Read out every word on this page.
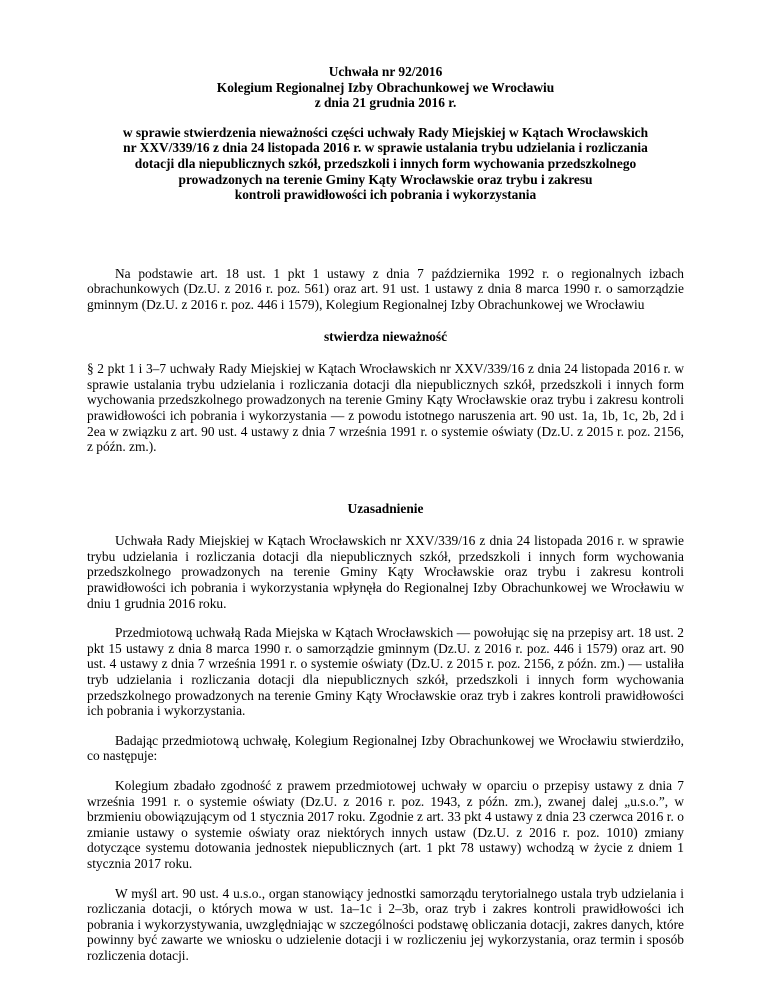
Uchwała nr 92/2016

Kolegium Regionalnej Izby Obrachunkowej we Wrocławiu

z dnia 21 grudnia 2016 r.

w sprawie stwierdzenia nieważności części uchwały Rady Miejskiej w Kątach Wrocławskich
nr XXV/339/16 z dnia 24 listopada 2016 r. w sprawie ustalania trybu udzielania i rozliczania
dotacji dla niepublicznych szkół, przedszkoli i innych form wychowania przedszkolnego
prowadzonych na terenie Gminy Kąty Wrocławskie oraz trybu i zakresu
kontroli prawidłowości ich pobrania i wykorzystania

Na podstawie art. 18 ust. 1 pkt 1 ustawy z dnia 7 października 1992 r. o regionalnych izbach obrachunkowych (Dz.U. z 2016 r. poz. 561) oraz art. 91 ust. 1 ustawy z dnia 8 marca 1990 r. o samorządzie gminnym (Dz.U. z 2016 r. poz. 446 i 1579), Kolegium Regionalnej Izby Obrachunkowej we Wrocławiu

stwierdza nieważność

§ 2 pkt 1 i 3–7 uchwały Rady Miejskiej w Kątach Wrocławskich nr XXV/339/16 z dnia 24 listopada 2016 r. w sprawie ustalania trybu udzielania i rozliczania dotacji dla niepublicznych szkół, przedszkoli i innych form wychowania przedszkolnego prowadzonych na terenie Gminy Kąty Wrocławskie oraz trybu i zakresu kontroli prawidłowości ich pobrania i wykorzystania — z powodu istotnego naruszenia art. 90 ust. 1a, 1b, 1c, 2b, 2d i 2ea w związku z art. 90 ust. 4 ustawy z dnia 7 września 1991 r. o systemie oświaty (Dz.U. z 2015 r. poz. 2156, z późn. zm.).

Uzasadnienie

Uchwała Rady Miejskiej w Kątach Wrocławskich nr XXV/339/16 z dnia 24 listopada 2016 r. w sprawie trybu udzielania i rozliczania dotacji dla niepublicznych szkół, przedszkoli i innych form wychowania przedszkolnego prowadzonych na terenie Gminy Kąty Wrocławskie oraz trybu i zakresu kontroli prawidłowości ich pobrania i wykorzystania wpłynęła do Regionalnej Izby Obrachunkowej we Wrocławiu w dniu 1 grudnia 2016 roku.

Przedmiotową uchwałą Rada Miejska w Kątach Wrocławskich — powołując się na przepisy art. 18 ust. 2 pkt 15 ustawy z dnia 8 marca 1990 r. o samorządzie gminnym (Dz.U. z 2016 r. poz. 446 i 1579) oraz art. 90 ust. 4 ustawy z dnia 7 września 1991 r. o systemie oświaty (Dz.U. z 2015 r. poz. 2156, z późn. zm.) — ustaliła tryb udzielania i rozliczania dotacji dla niepublicznych szkół, przedszkoli i innych form wychowania przedszkolnego prowadzonych na terenie Gminy Kąty Wrocławskie oraz tryb i zakres kontroli prawidłowości ich pobrania i wykorzystania.

Badając przedmiotową uchwałę, Kolegium Regionalnej Izby Obrachunkowej we Wrocławiu stwierdziło, co następuje:

Kolegium zbadało zgodność z prawem przedmiotowej uchwały w oparciu o przepisy ustawy z dnia 7 września 1991 r. o systemie oświaty (Dz.U. z 2016 r. poz. 1943, z późn. zm.), zwanej dalej „u.s.o.”, w brzmieniu obowiązującym od 1 stycznia 2017 roku. Zgodnie z art. 33 pkt 4 ustawy z dnia 23 czerwca 2016 r. o zmianie ustawy o systemie oświaty oraz niektórych innych ustaw (Dz.U. z 2016 r. poz. 1010) zmiany dotyczące systemu dotowania jednostek niepublicznych (art. 1 pkt 78 ustawy) wchodzą w życie z dniem 1 stycznia 2017 roku.

W myśl art. 90 ust. 4 u.s.o., organ stanowiący jednostki samorządu terytorialnego ustala tryb udzielania i rozliczania dotacji, o których mowa w ust. 1a–1c i 2–3b, oraz tryb i zakres kontroli prawidłowości ich pobrania i wykorzystywania, uwzględniając w szczególności podstawę obliczania dotacji, zakres danych, które powinny być zawarte we wniosku o udzielenie dotacji i w rozliczeniu jej wykorzystania, oraz termin i sposób rozliczenia dotacji.
